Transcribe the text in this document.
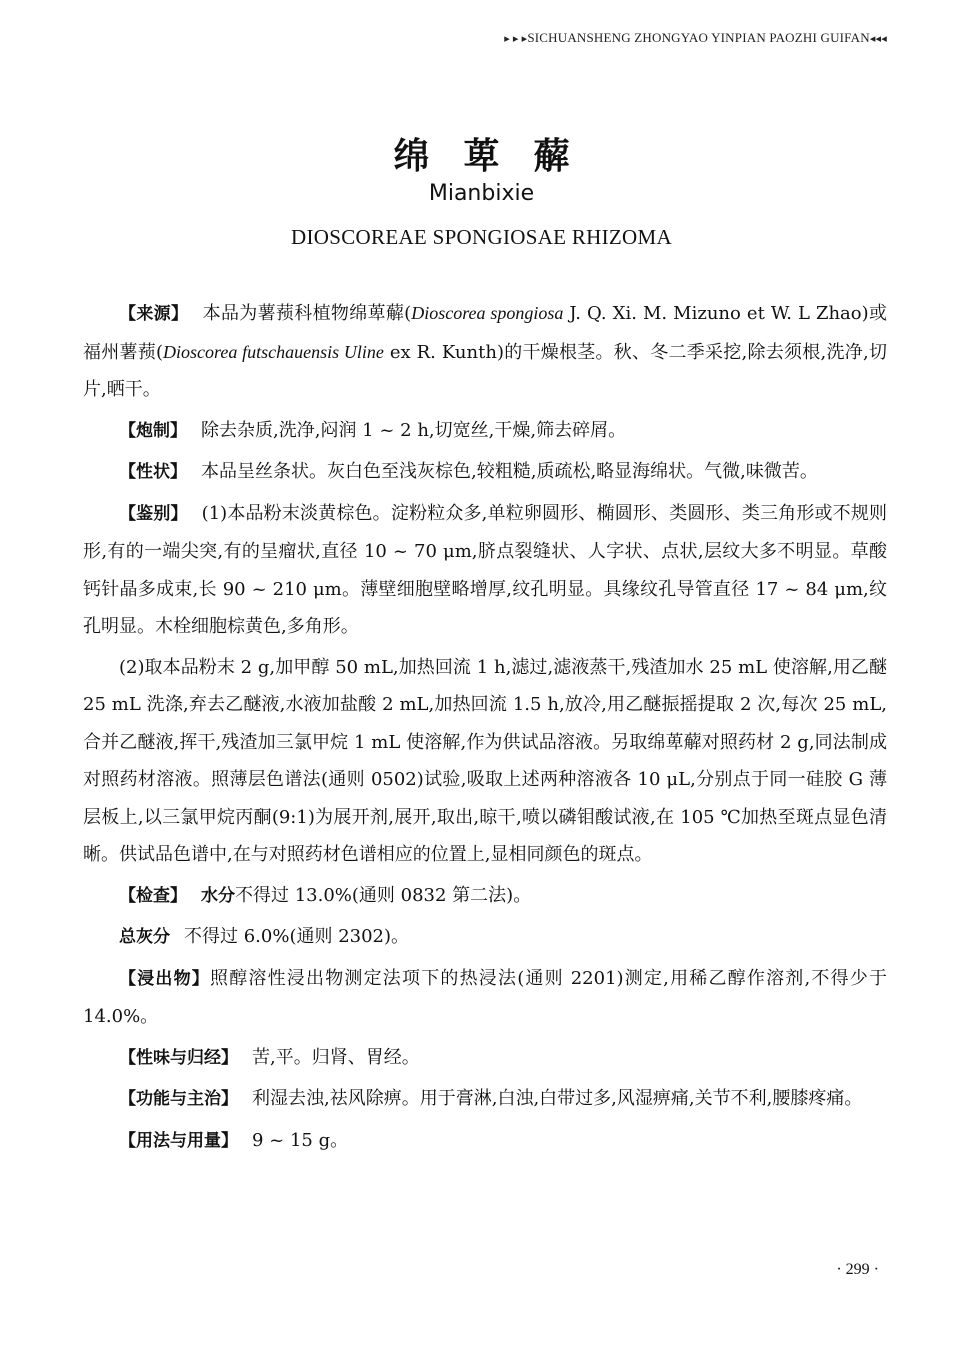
▸ ▸ ▸SICHUANSHENG ZHONGYAO YINPIAN PAOZHI GUIFAN◂◂◂
绵萆薢
Mianbixie
DIOSCOREAE SPONGIOSAE RHIZOMA

【来源】 本品为薯蓣科植物绵萆薢(Dioscorea spongiosa J. Q. Xi. M. Mizuno et W. L Zhao)或福州薯蓣(Dioscorea futschauensis Uline ex R. Kunth)的干燥根茎。秋、冬二季采挖,除去须根,洗净,切片,晒干。

【炮制】 除去杂质,洗净,闷润 1 ~ 2 h,切宽丝,干燥,筛去碎屑。

【性状】 本品呈丝条状。灰白色至浅灰棕色,较粗糙,质疏松,略显海绵状。气微,味微苦。

【鉴别】 (1)本品粉末淡黄棕色。淀粉粒众多,单粒卵圆形、椭圆形、类圆形、类三角形或不规则形,有的一端尖突,有的呈瘤状,直径 10 ~ 70 μm,脐点裂缝状、人字状、点状,层纹大多不明显。草酸钙针晶多成束,长 90 ~ 210 μm。薄壁细胞壁略增厚,纹孔明显。具缘纹孔导管直径 17 ~ 84 μm,纹孔明显。木栓细胞棕黄色,多角形。

(2)取本品粉末 2 g,加甲醇 50 mL,加热回流 1 h,滤过,滤液蒸干,残渣加水 25 mL 使溶解,用乙醚 25 mL 洗涤,弃去乙醚液,水液加盐酸 2 mL,加热回流 1.5 h,放冷,用乙醚振摇提取 2 次,每次 25 mL,合并乙醚液,挥干,残渣加三氯甲烷 1 mL 使溶解,作为供试品溶液。另取绵萆薢对照药材 2 g,同法制成对照药材溶液。照薄层色谱法(通则 0502)试验,吸取上述两种溶液各 10 μL,分别点于同一硅胶 G 薄层板上,以三氯甲烷丙酮(9:1)为展开剂,展开,取出,晾干,喷以磷钼酸试液,在 105 ℃加热至斑点显色清晰。供试品色谱中,在与对照药材色谱相应的位置上,显相同颜色的斑点。

【检查】 水分不得过 13.0%(通则 0832 第二法)。

总灰分 不得过 6.0%(通则 2302)。

【浸出物】照醇溶性浸出物测定法项下的热浸法(通则 2201)测定,用稀乙醇作溶剂,不得少于 14.0%。

【性味与归经】 苦,平。归肾、胃经。

【功能与主治】 利湿去浊,祛风除痹。用于膏淋,白浊,白带过多,风湿痹痛,关节不利,腰膝疼痛。

【用法与用量】 9 ~ 15 g。

· 299 ·
